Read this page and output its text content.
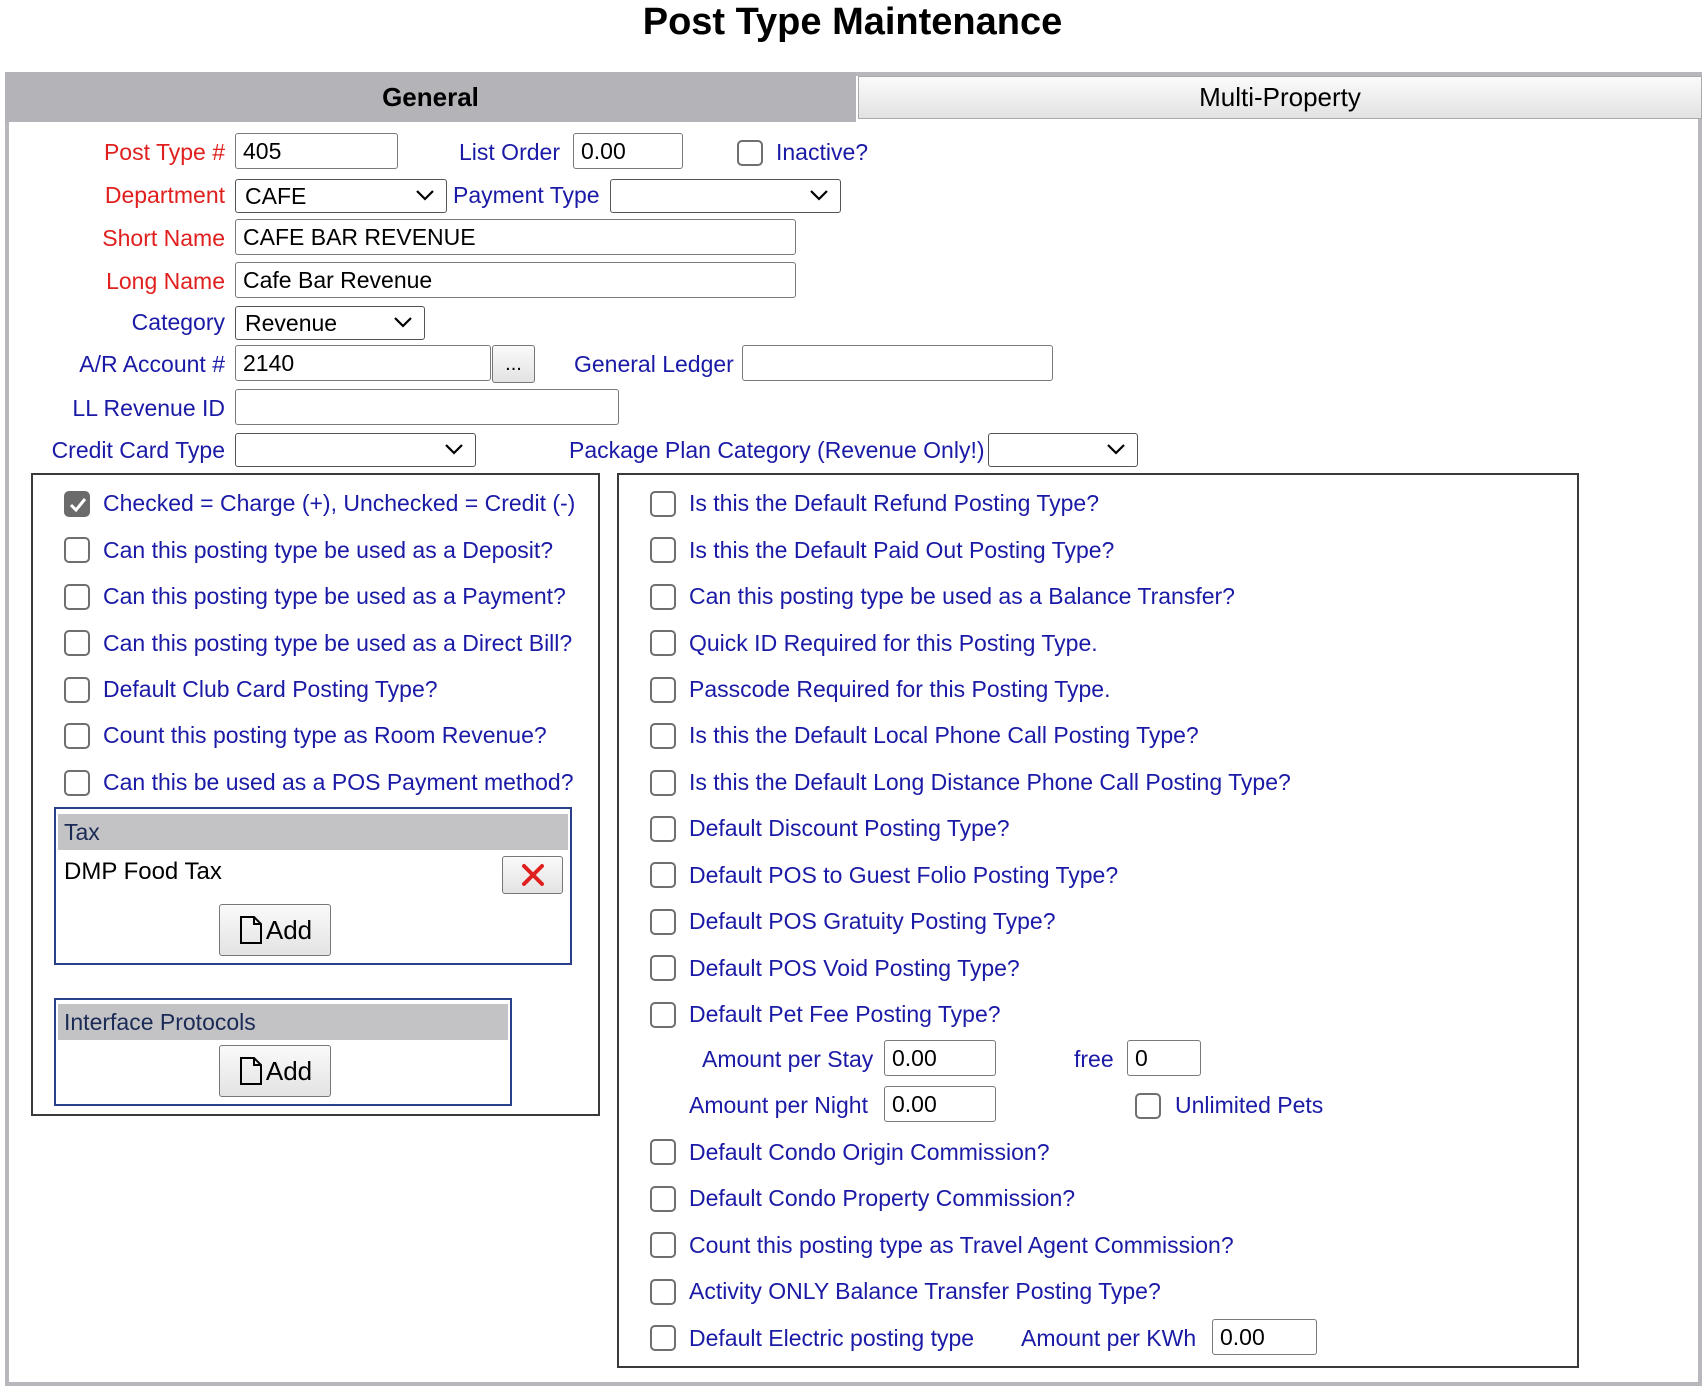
Post Type Maintenance
General	Multi-Property
Post Type # 405	List Order 0.00	Inactive?
Department CAFE	Payment Type
Short Name CAFE BAR REVENUE
Long Name Cafe Bar Revenue
Category Revenue
A/R Account # 2140	...	General Ledger
LL Revenue ID
Credit Card Type	Package Plan Category (Revenue Only!)
Checked = Charge (+), Unchecked = Credit (-)
Can this posting type be used as a Deposit?
Can this posting type be used as a Payment?
Can this posting type be used as a Direct Bill?
Default Club Card Posting Type?
Count this posting type as Room Revenue?
Can this be used as a POS Payment method?
Tax
DMP Food Tax
Add
Interface Protocols
Add
Is this the Default Refund Posting Type?
Is this the Default Paid Out Posting Type?
Can this posting type be used as a Balance Transfer?
Quick ID Required for this Posting Type.
Passcode Required for this Posting Type.
Is this the Default Local Phone Call Posting Type?
Is this the Default Long Distance Phone Call Posting Type?
Default Discount Posting Type?
Default POS to Guest Folio Posting Type?
Default POS Gratuity Posting Type?
Default POS Void Posting Type?
Default Pet Fee Posting Type?
Amount per Stay 0.00	free 0
Amount per Night	0.00	Unlimited Pets
Default Condo Origin Commission?
Default Condo Property Commission?
Count this posting type as Travel Agent Commission?
Activity ONLY Balance Transfer Posting Type?
Default Electric posting type Amount per KWh	0.00
